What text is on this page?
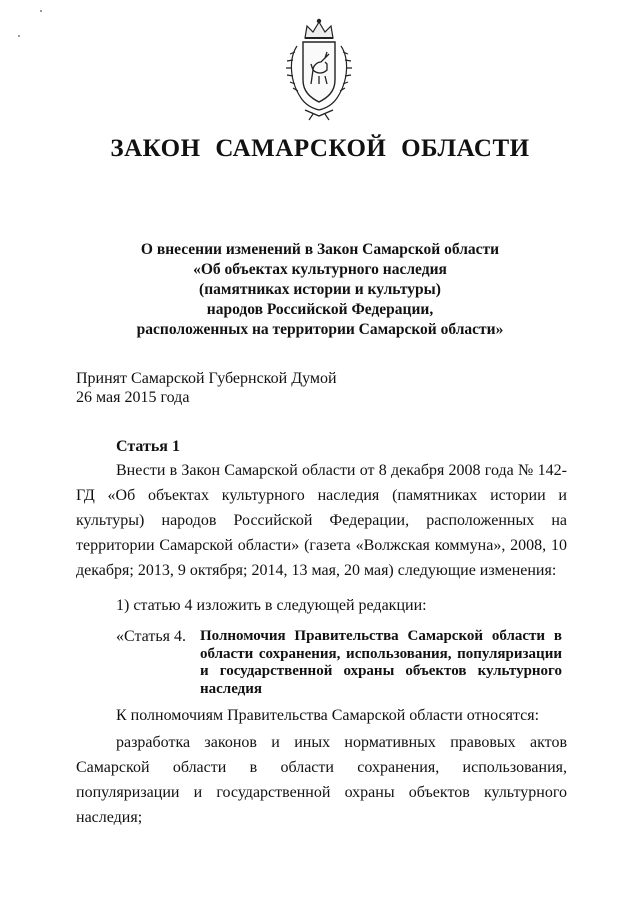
ЗАКОН САМАРСКОЙ ОБЛАСТИ
О внесении изменений в Закон Самарской области
«Об объектах культурного наследия
(памятниках истории и культуры)
народов Российской Федерации,
расположенных на территории Самарской области»
Принят Самарской Губернской Думой
26 мая 2015 года
Статья 1
Внести в Закон Самарской области от 8 декабря 2008 года № 142-ГД «Об объектах культурного наследия (памятниках истории и культуры) народов Российской Федерации, расположенных на территории Самарской области» (газета «Волжская коммуна», 2008, 10 декабря; 2013, 9 октября; 2014, 13 мая, 20 мая) следующие изменения:
1) статью 4 изложить в следующей редакции:
«Статья 4. Полномочия Правительства Самарской области в области сохранения, использования, популяризации и государственной охраны объектов культурного наследия
К полномочиям Правительства Самарской области относятся:
разработка законов и иных нормативных правовых актов Самарской области в области сохранения, использования, популяризации и государственной охраны объектов культурного наследия;
